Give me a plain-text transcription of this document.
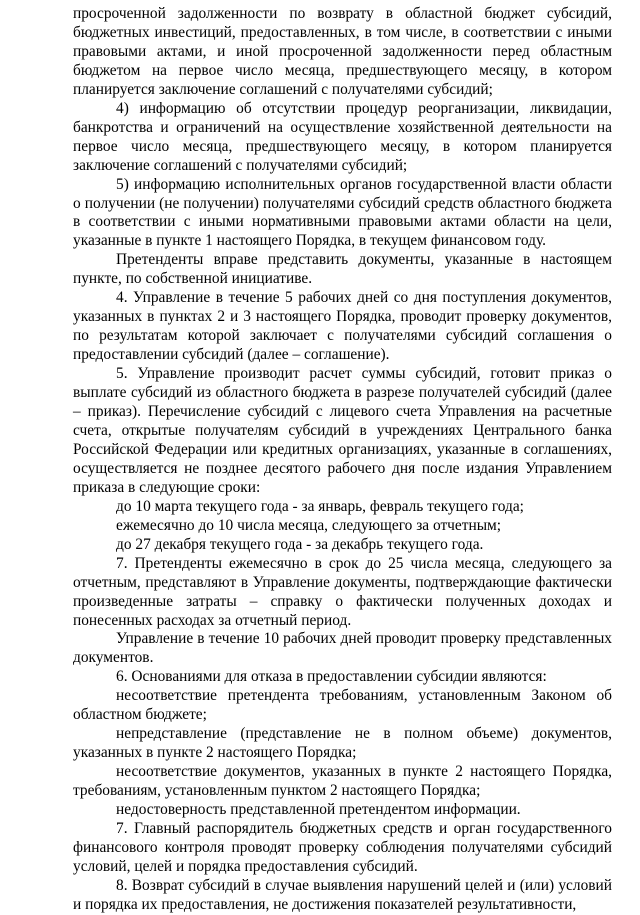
просроченной задолженности по возврату в областной бюджет субсидий, бюджетных инвестиций, предоставленных, в том числе, в соответствии с иными правовыми актами, и иной просроченной задолженности перед областным бюджетом на первое число месяца, предшествующего месяцу, в котором планируется заключение соглашений с получателями субсидий;

4) информацию об отсутствии процедур реорганизации, ликвидации, банкротства и ограничений на осуществление хозяйственной деятельности на первое число месяца, предшествующего месяцу, в котором планируется заключение соглашений с получателями субсидий;

5) информацию исполнительных органов государственной власти области о получении (не получении) получателями субсидий средств областного бюджета в соответствии с иными нормативными правовыми актами области на цели, указанные в пункте 1 настоящего Порядка, в текущем финансовом году.

Претенденты вправе представить документы, указанные в настоящем пункте, по собственной инициативе.

4. Управление в течение 5 рабочих дней со дня поступления документов, указанных в пунктах 2 и 3 настоящего Порядка, проводит проверку документов, по результатам которой заключает с получателями субсидий соглашения о предоставлении субсидий (далее – соглашение).

5. Управление производит расчет суммы субсидий, готовит приказ о выплате субсидий из областного бюджета в разрезе получателей субсидий (далее – приказ). Перечисление субсидий с лицевого счета Управления на расчетные счета, открытые получателям субсидий в учреждениях Центрального банка Российской Федерации или кредитных организациях, указанные в соглашениях, осуществляется не позднее десятого рабочего дня после издания Управлением приказа в следующие сроки:

до 10 марта текущего года - за январь, февраль текущего года;

ежемесячно до 10 числа месяца, следующего за отчетным;

до 27 декабря текущего года - за декабрь текущего года.

7. Претенденты ежемесячно в срок до 25 числа месяца, следующего за отчетным, представляют в Управление документы, подтверждающие фактически произведенные затраты – справку о фактически полученных доходах и понесенных расходах за отчетный период.

Управление в течение 10 рабочих дней проводит проверку представленных документов.

6. Основаниями для отказа в предоставлении субсидии являются:

несоответствие претендента требованиям, установленным Законом об областном бюджете;

непредставление (представление не в полном объеме) документов, указанных в пункте 2 настоящего Порядка;

несоответствие документов, указанных в пункте 2 настоящего Порядка, требованиям, установленным пунктом 2 настоящего Порядка;

недостоверность представленной претендентом информации.

7. Главный распорядитель бюджетных средств и орган государственного финансового контроля проводят проверку соблюдения получателями субсидий условий, целей и порядка предоставления субсидий.

8. Возврат субсидий в случае выявления нарушений целей и (или) условий и порядка их предоставления, не достижения показателей результативности,
